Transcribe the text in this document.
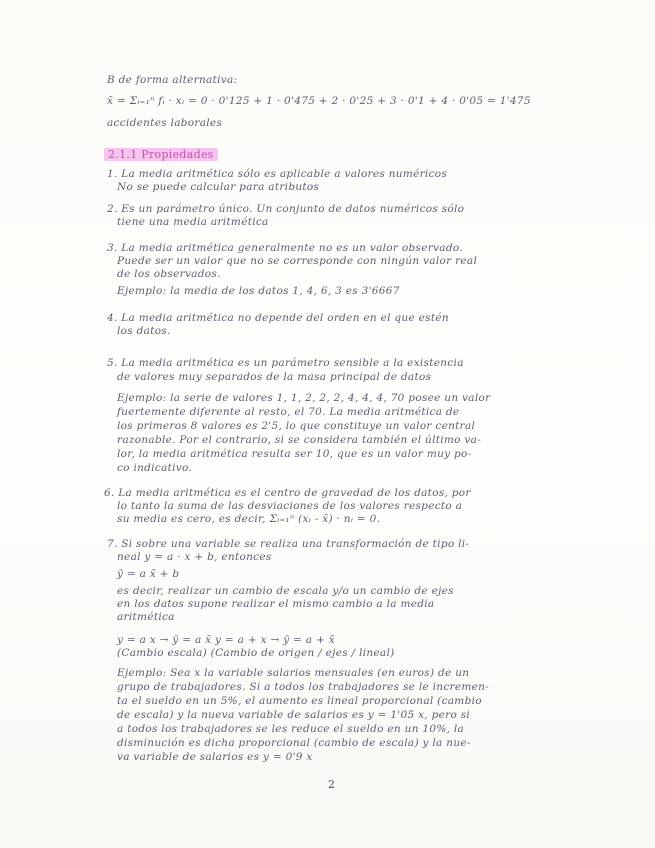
B de forma alternativa:
x̄ = Σᵢ₌₁ⁿ fᵢ · xᵢ = 0 · 0'125 + 1 · 0'475 + 2 · 0'25 + 3 · 0'1 + 4 · 0'05 = 1'475
accidentes laborales
2.1.1 Propiedades
1. La media aritmética sólo es aplicable a valores numéricos
No se puede calcular para atributos
2. Es un parámetro único. Un conjunto de datos numéricos sólo
tiene una media aritmética
3. La media aritmética generalmente no es un valor observado.
Puede ser un valor que no se corresponde con ningún valor real
de los observados.
Ejemplo: la media de los datos 1, 4, 6, 3 es 3'6667
4. La media aritmética no depende del orden en el que estén
los datos.
5. La media aritmética es un parámetro sensible a la existencia
de valores muy separados de la masa principal de datos
Ejemplo: la serie de valores 1, 1, 2, 2, 2, 4, 4, 4, 70 posee un valor
fuertemente diferente al resto, el 70. La media aritmética de
los primeros 8 valores es 2'5, lo que constituye un valor central
razonable. Por el contrario, si se considera también el último va-
lor, la media aritmética resulta ser 10, que es un valor muy po-
co indicativo.
6. La media aritmética es el centro de gravedad de los datos, por
lo tanto la suma de las desviaciones de los valores respecto a
su media es cero, es decir, Σᵢ₌₁ⁿ (xᵢ - x̄) · nᵢ = 0.
7. Si sobre una variable se realiza una transformación de tipo li-
neal y = a · x + b, entonces
ȳ = a x̄ + b
es decir, realizar un cambio de escala y/o un cambio de ejes
en los datos supone realizar el mismo cambio a la media
aritmética
y = a x → ȳ = a x̄ y = a + x → ȳ = a + x̄
(Cambio escala) (Cambio de origen / ejes / lineal)
Ejemplo: Sea x la variable salarios mensuales (en euros) de un
grupo de trabajadores. Si a todos los trabajadores se le incremen-
ta el sueldo en un 5%, el aumento es lineal proporcional (cambio
de escala) y la nueva variable de salarios es y = 1'05 x, pero si
a todos los trabajadores se les reduce el sueldo en un 10%, la
disminución es dicha proporcional (cambio de escala) y la nue-
va variable de salarios es y = 0'9 x
2
